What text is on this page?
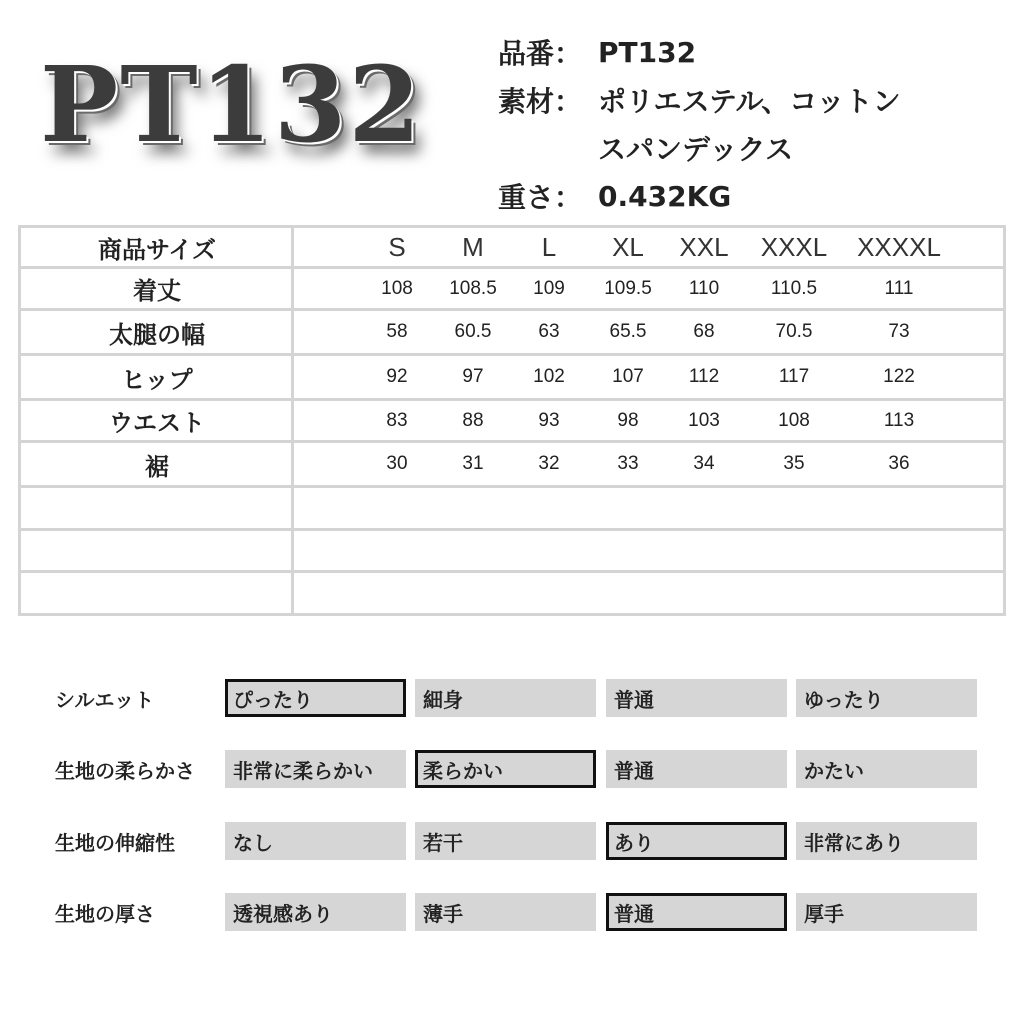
PT132	品番： PT132
素材： ポリエステル、コットン
スパンデックス
重さ： 0.432KG
商品サイズ	S	M	L	XL	XXL	XXXL	XXXXL
着丈	108	108.5	109	109.5	110	110.5	111
太腿の幅	58	60.5	63	65.5	68	70.5	73
ヒップ	92	97	102	107	112	117	122
ウエスト	83	88	93	98	103	108	113
裾	30	31	32	33	34	35	36
シルエット	ぴったり	細身	普通	ゆったり
生地の柔らかさ	非常に柔らかい	柔らかい	普通	かたい
生地の伸縮性	なし	若干	あり	非常にあり
生地の厚さ	透視感あり	薄手	普通	厚手
